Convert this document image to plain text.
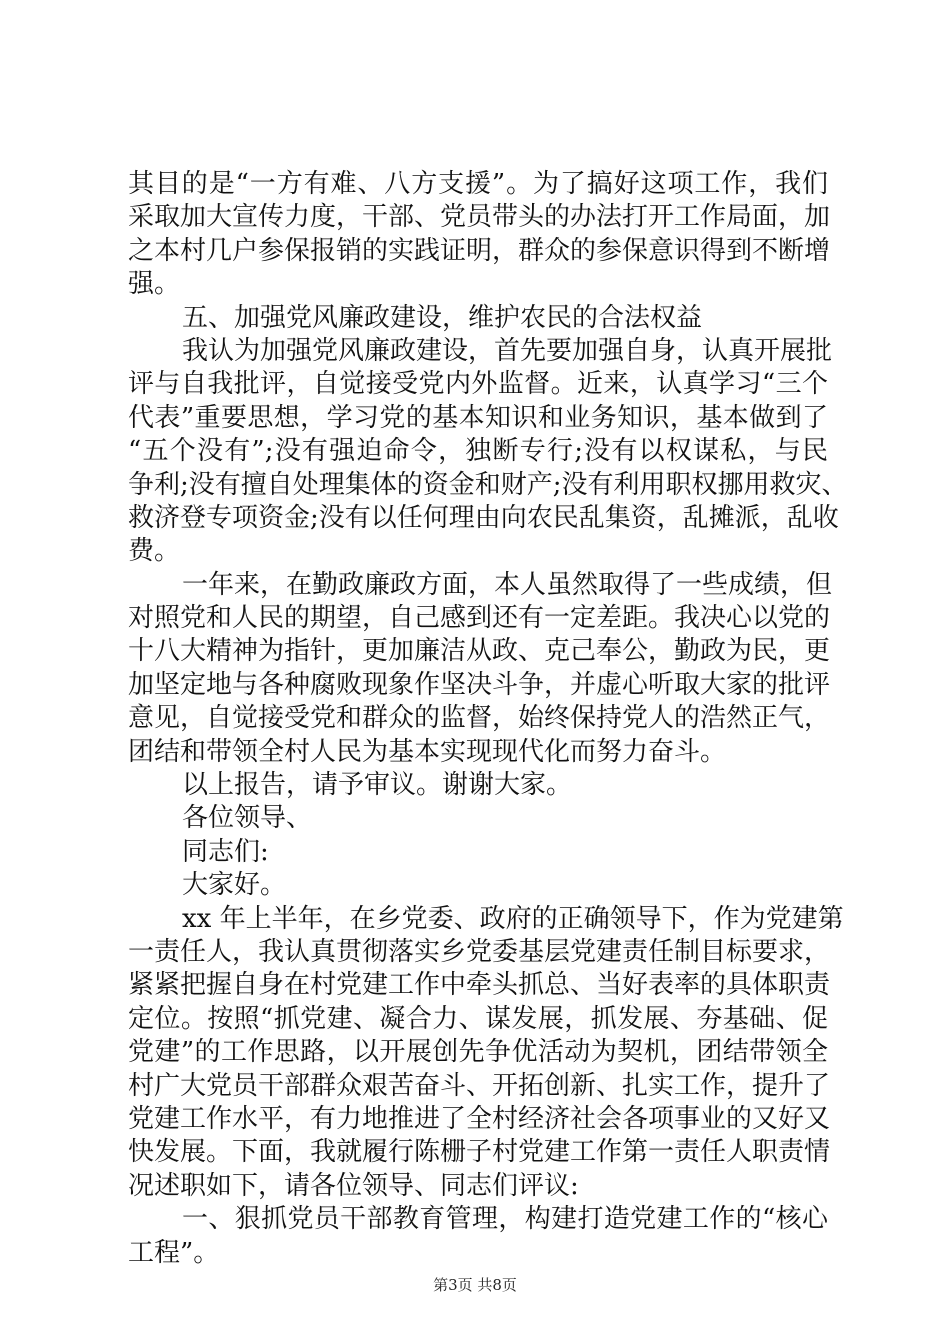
其目的是“一方有难、八方支援”。为了搞好这项工作，我们
采取加大宣传力度，干部、党员带头的办法打开工作局面，加
之本村几户参保报销的实践证明，群众的参保意识得到不断增
强。
五、加强党风廉政建设，维护农民的合法权益
我认为加强党风廉政建设，首先要加强自身，认真开展批
评与自我批评，自觉接受党内外监督。近来，认真学习“三个
代表”重要思想，学习党的基本知识和业务知识，基本做到了
“五个没有”;没有强迫命令，独断专行;没有以权谋私，与民
争利;没有擅自处理集体的资金和财产;没有利用职权挪用救灾、
救济登专项资金;没有以任何理由向农民乱集资，乱摊派，乱收
费。
一年来，在勤政廉政方面，本人虽然取得了一些成绩，但
对照党和人民的期望，自己感到还有一定差距。我决心以党的
十八大精神为指针，更加廉洁从政、克己奉公，勤政为民，更
加坚定地与各种腐败现象作坚决斗争，并虚心听取大家的批评
意见，自觉接受党和群众的监督，始终保持党人的浩然正气，
团结和带领全村人民为基本实现现代化而努力奋斗。
以上报告，请予审议。谢谢大家。
各位领导、
同志们:
大家好。
xx 年上半年，在乡党委、政府的正确领导下，作为党建第
一责任人，我认真贯彻落实乡党委基层党建责任制目标要求，
紧紧把握自身在村党建工作中牵头抓总、当好表率的具体职责
定位。按照“抓党建、凝合力、谋发展，抓发展、夯基础、促
党建”的工作思路，以开展创先争优活动为契机，团结带领全
村广大党员干部群众艰苦奋斗、开拓创新、扎实工作，提升了
党建工作水平，有力地推进了全村经济社会各项事业的又好又
快发展。下面，我就履行陈栅子村党建工作第一责任人职责情
况述职如下，请各位领导、同志们评议:
一、狠抓党员干部教育管理，构建打造党建工作的“核心
工程”。
第3页 共8页
